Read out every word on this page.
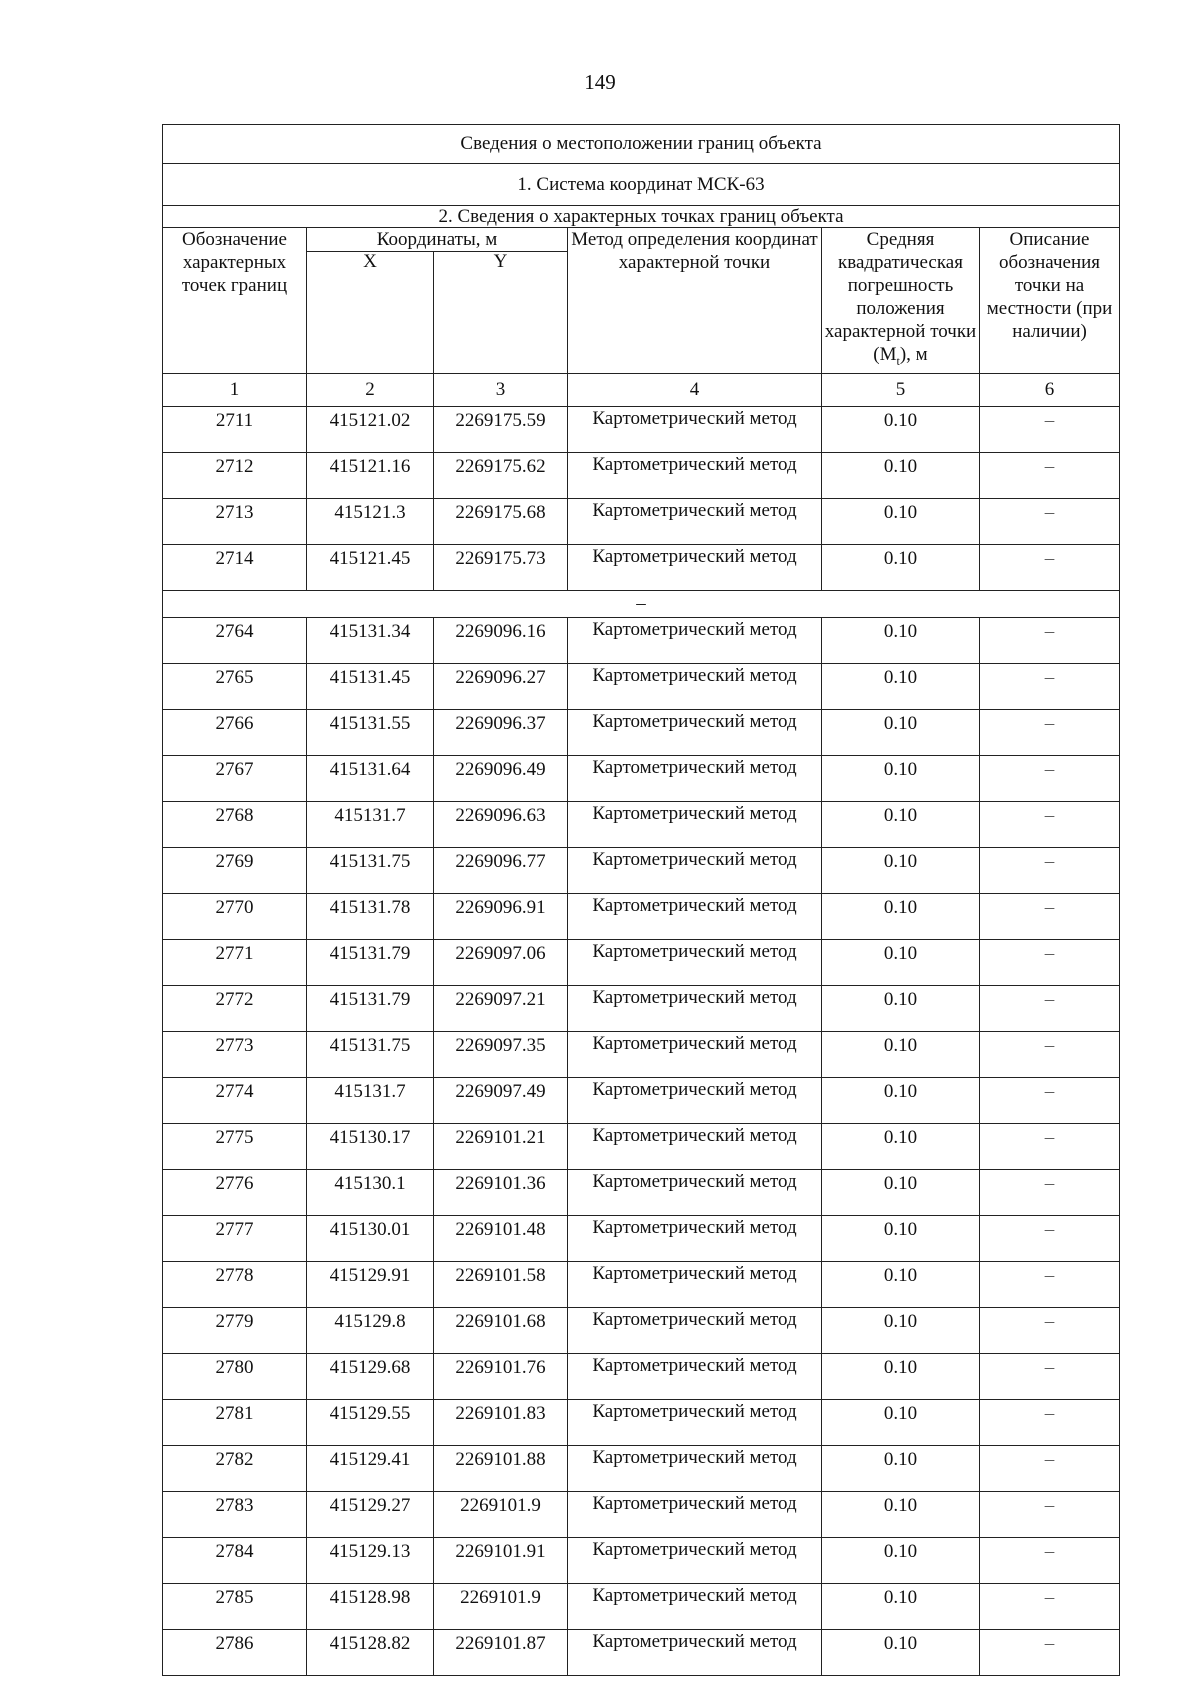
149
Сведения о местоположении границ объекта					
1. Система координат МСК-63					
2. Сведения о характерных точках границ объекта					
Обозначение характерных точек границ	Координаты, м		Метод определения координат характерной точки	Средняя квадратическая погрешность положения характерной точки $(M_t)$, м	Описание обозначения точки на местности (при наличии)
	X	Y			
1	2	3	4	5	6
2711	415121.02	2269175.59	Картометрический метод	0.10	–
2712	415121.16	2269175.62	Картометрический метод	0.10	–
2713	415121.3	2269175.68	Картометрический метод	0.10	–
2714	415121.45	2269175.73	Картометрический метод	0.10	–
–					
2764	415131.34	2269096.16	Картометрический метод	0.10	–
2765	415131.45	2269096.27	Картометрический метод	0.10	–
2766	415131.55	2269096.37	Картометрический метод	0.10	–
2767	415131.64	2269096.49	Картометрический метод	0.10	–
2768	415131.7	2269096.63	Картометрический метод	0.10	–
2769	415131.75	2269096.77	Картометрический метод	0.10	–
2770	415131.78	2269096.91	Картометрический метод	0.10	–
2771	415131.79	2269097.06	Картометрический метод	0.10	–
2772	415131.79	2269097.21	Картометрический метод	0.10	–
2773	415131.75	2269097.35	Картометрический метод	0.10	–
2774	415131.7	2269097.49	Картометрический метод	0.10	–
2775	415130.17	2269101.21	Картометрический метод	0.10	–
2776	415130.1	2269101.36	Картометрический метод	0.10	–
2777	415130.01	2269101.48	Картометрический метод	0.10	–
2778	415129.91	2269101.58	Картометрический метод	0.10	–
2779	415129.8	2269101.68	Картометрический метод	0.10	–
2780	415129.68	2269101.76	Картометрический метод	0.10	–
2781	415129.55	2269101.83	Картометрический метод	0.10	–
2782	415129.41	2269101.88	Картометрический метод	0.10	–
2783	415129.27	2269101.9	Картометрический метод	0.10	–
2784	415129.13	2269101.91	Картометрический метод	0.10	–
2785	415128.98	2269101.9	Картометрический метод	0.10	–
2786	415128.82	2269101.87	Картометрический метод	0.10	–
